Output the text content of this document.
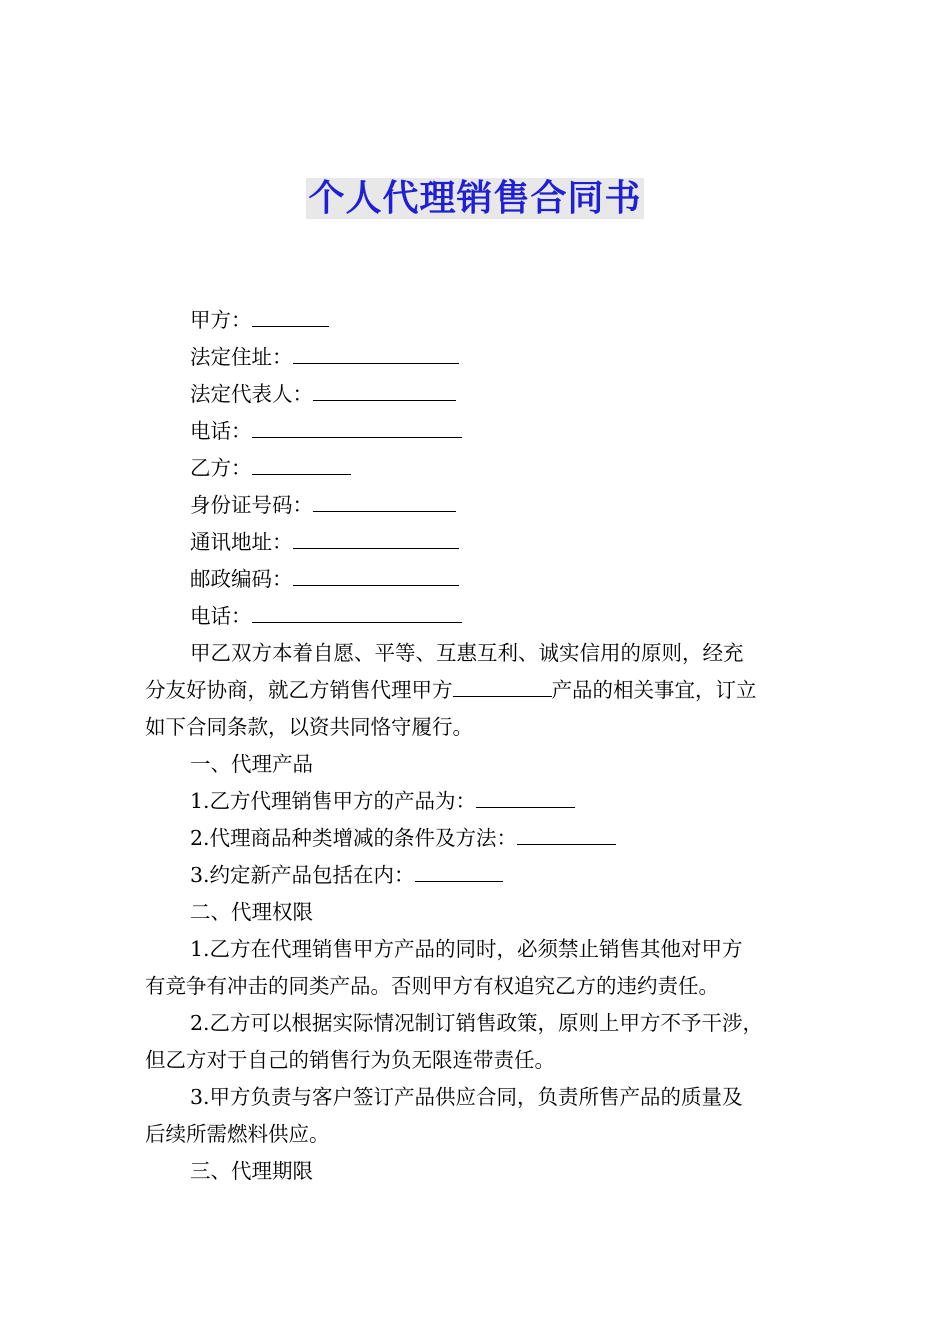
个人代理销售合同书
甲方：
法定住址：
法定代表人：
电话：
乙方：
身份证号码：
通讯地址：
邮政编码：
电话：
甲乙双方本着自愿、平等、互惠互利、诚实信用的原则，经充
分友好协商，就乙方销售代理甲方	产品的相关事宜，订立
如下合同条款，以资共同恪守履行。
一、代理产品
1.乙方代理销售甲方的产品为：
2.代理商品种类增减的条件及方法：
3.约定新产品包括在内：
二、代理权限
1.乙方在代理销售甲方产品的同时，必须禁止销售其他对甲方
有竞争有冲击的同类产品。否则甲方有权追究乙方的违约责任。
2.乙方可以根据实际情况制订销售政策，原则上甲方不予干涉，
但乙方对于自己的销售行为负无限连带责任。
3.甲方负责与客户签订产品供应合同，负责所售产品的质量及
后续所需燃料供应。
三、代理期限
